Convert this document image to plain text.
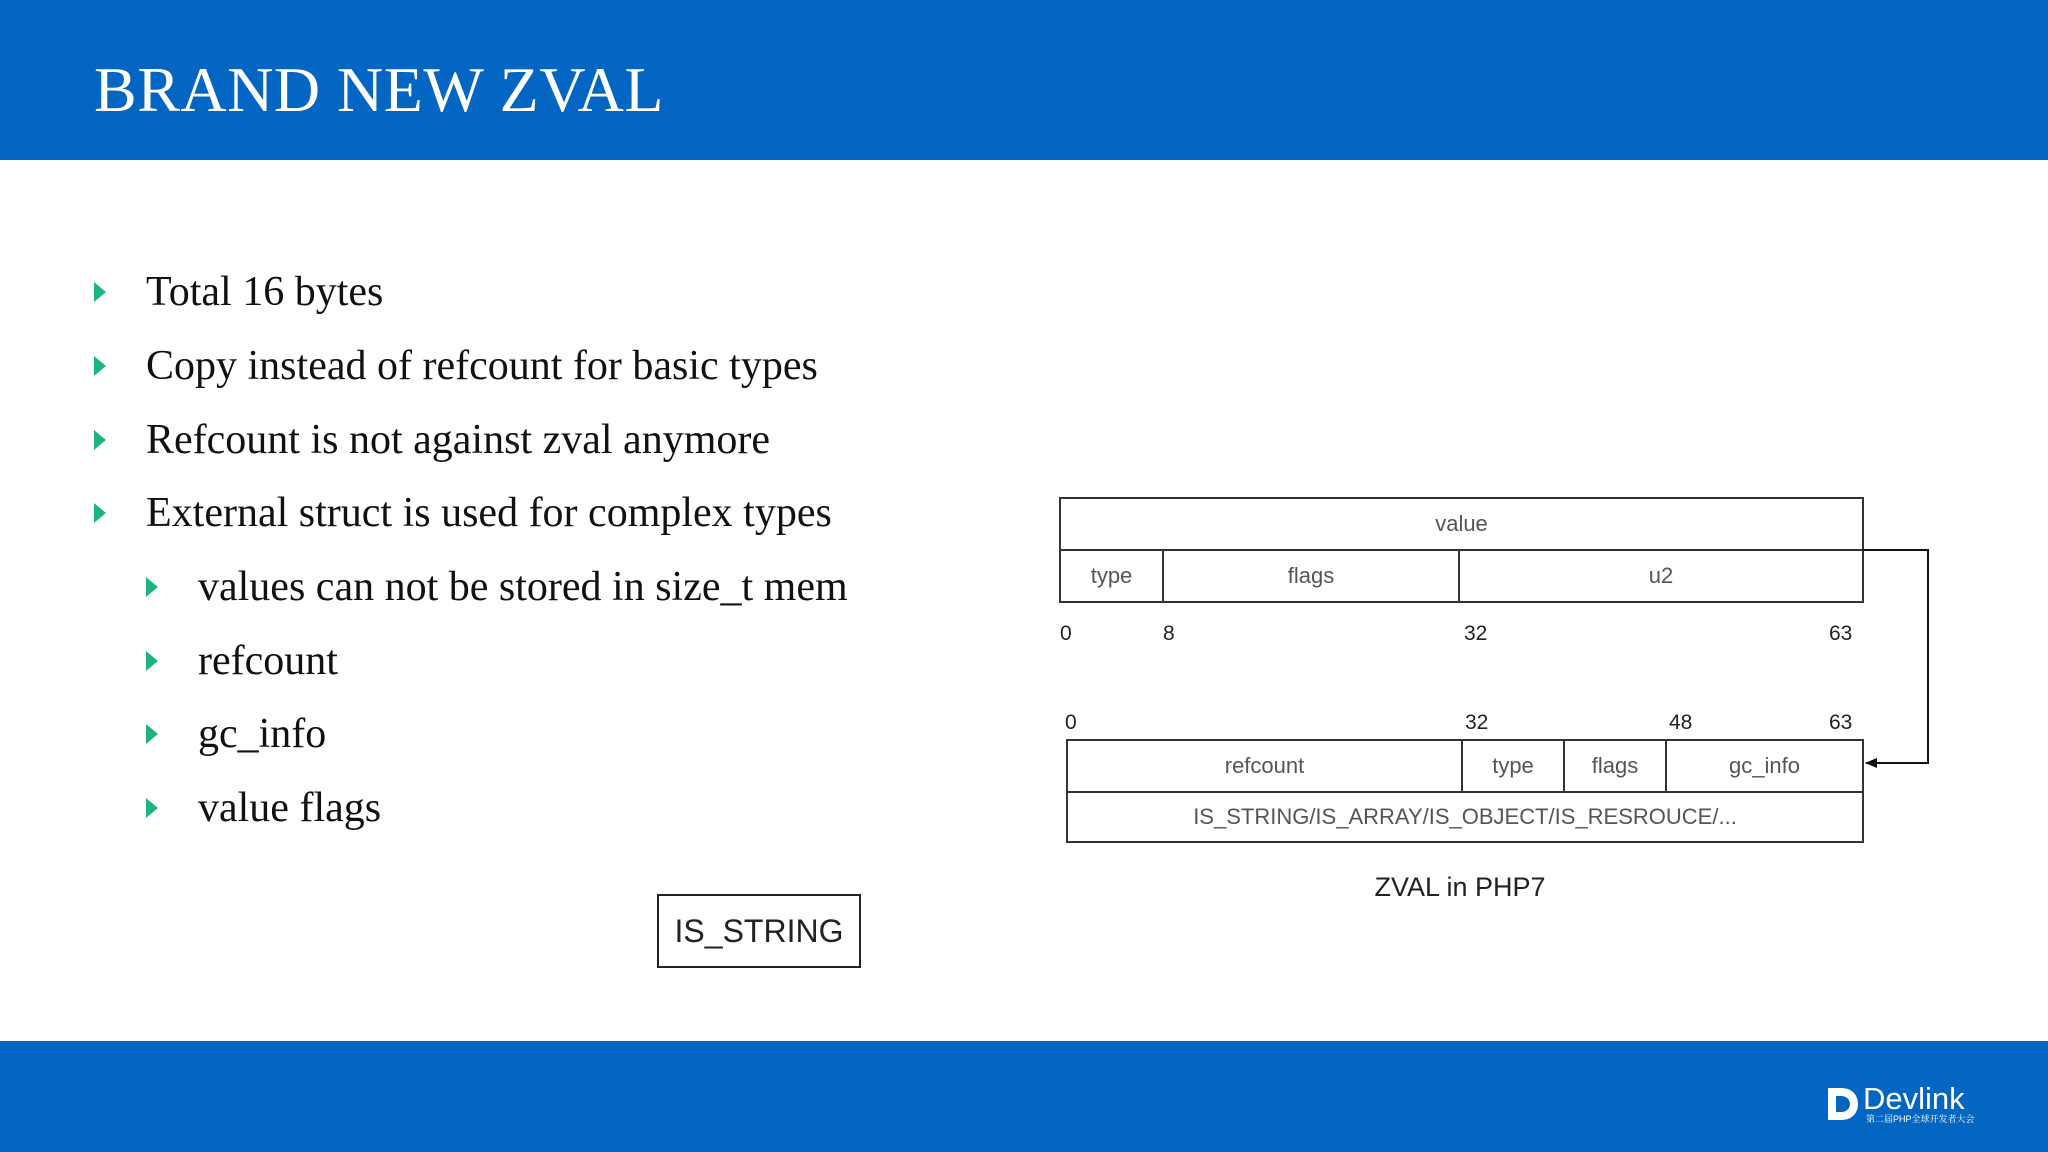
BRAND NEW ZVAL
Total 16 bytes
Copy instead of refcount for basic types
Refcount is not against zval anymore
External struct is used for complex types
values can not be stored in size_t mem
refcount
gc_info
value flags
IS_STRING
value
type	flags	u2
0	8	32	63
0	32	48	63
refcount	type	flags	gc_info
IS_STRING/IS_ARRAY/IS_OBJECT/IS_RESROUCE/...
ZVAL in PHP7
Devlink
第二届PHP全球开发者大会
